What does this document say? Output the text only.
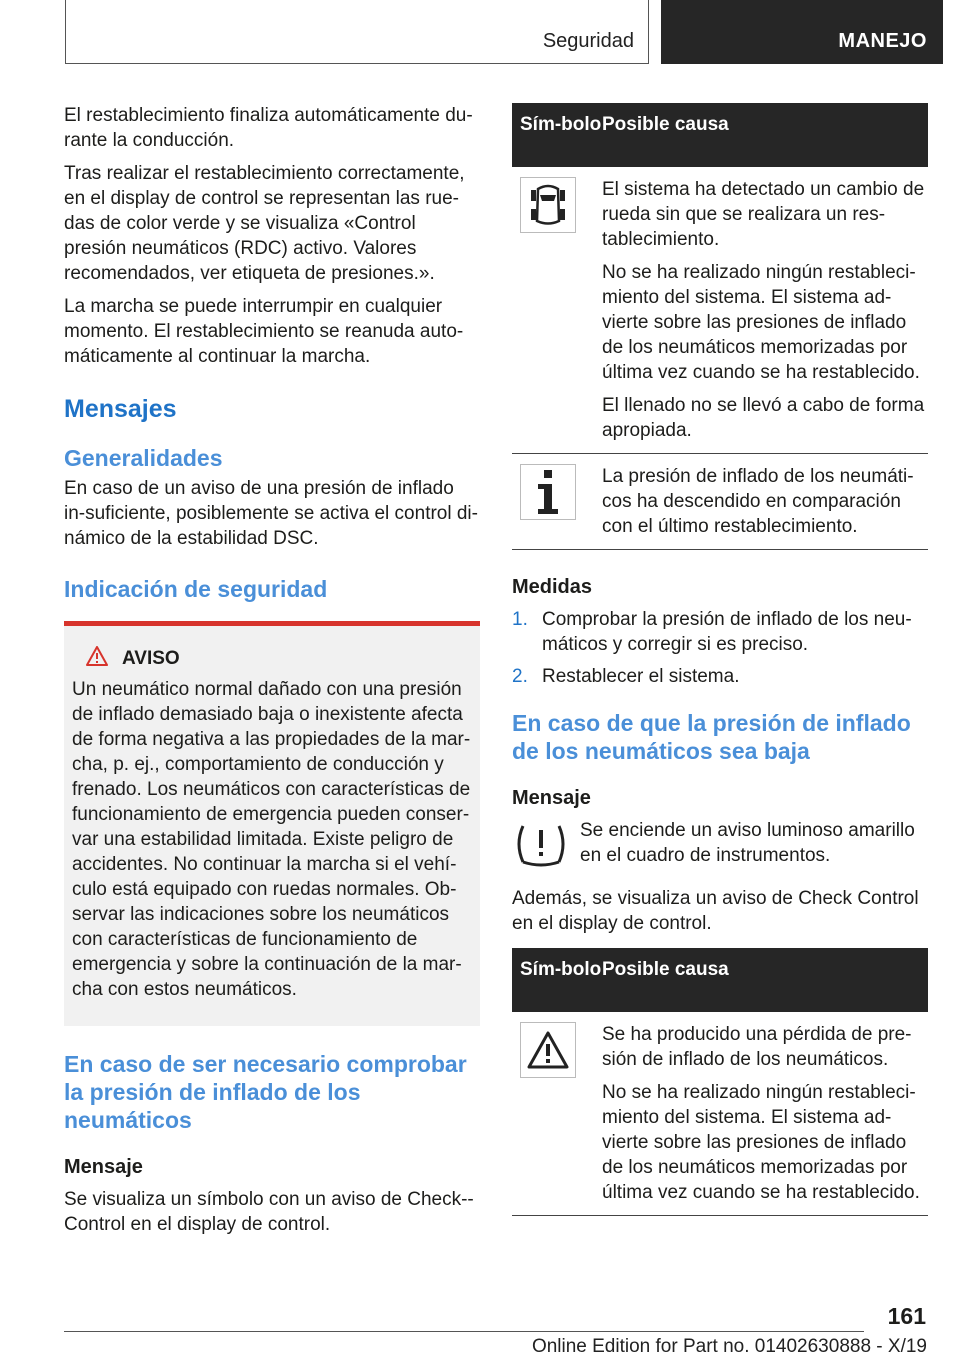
Seguridad	MANEJO

El restablecimiento finaliza automáticamente du-rante la conducción.

Tras realizar el restablecimiento correctamente, en el display de control se representan las rue-das de color verde y se visualiza «Control presión neumáticos (RDC) activo. Valores recomendados, ver etiqueta de presiones.».

La marcha se puede interrumpir en cualquier momento. El restablecimiento se reanuda auto-máticamente al continuar la marcha.

Mensajes
Generalidades

En caso de un aviso de una presión de inflado in-suficiente, posiblemente se activa el control di-námico de la estabilidad DSC.

Indicación de seguridad
AVISO

Un neumático normal dañado con una presión de inflado demasiado baja o inexistente afecta de forma negativa a las propiedades de la mar-cha, p. ej., comportamiento de conducción y frenado. Los neumáticos con características de funcionamiento de emergencia pueden conser-var una estabilidad limitada. Existe peligro de accidentes. No continuar la marcha si el vehí-culo está equipado con ruedas normales. Ob-servar las indicaciones sobre los neumáticos con características de funcionamiento de emergencia y sobre la continuación de la mar-cha con estos neumáticos.

En caso de ser necesario comprobar la presión de inflado de los neumáticos
Mensaje

Se visualiza un símbolo con un aviso de Check--Control en el display de control.

Sím-bolo Posible causa

El sistema ha detectado un cambio de rueda sin que se realizara un res-tablecimiento.

No se ha realizado ningún restableci-miento del sistema. El sistema ad-vierte sobre las presiones de inflado de los neumáticos memorizadas por última vez cuando se ha restablecido.

El llenado no se llevó a cabo de forma apropiada.

La presión de inflado de los neumáti-cos ha descendido en comparación con el último restablecimiento.

Medidas
1. Comprobar la presión de inflado de los neu-máticos y corregir si es preciso.
2. Restablecer el sistema.
En caso de que la presión de inflado de los neumáticos sea baja
Mensaje

Se enciende un aviso luminoso amarillo en el cuadro de instrumentos.

Además, se visualiza un aviso de Check Control en el display de control.

Sím-bolo Posible causa

Se ha producido una pérdida de pre-sión de inflado de los neumáticos.

No se ha realizado ningún restableci-miento del sistema. El sistema ad-vierte sobre las presiones de inflado de los neumáticos memorizadas por última vez cuando se ha restablecido.

161
Online Edition for Part no. 01402630888 - X/19
